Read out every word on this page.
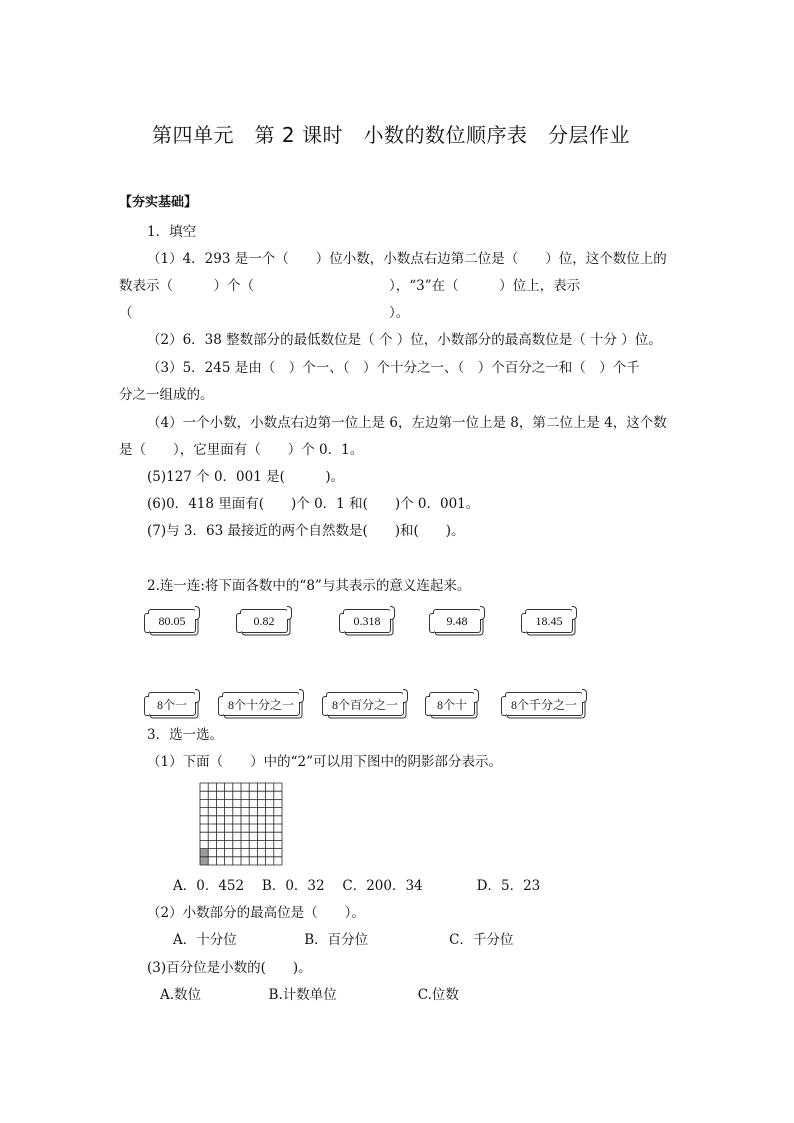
第四单元　第 2 课时　小数的数位顺序表　分层作业
【夯实基础】
1．填空
（1）4．293 是一个（　　）位小数，小数点右边第二位是（　　）位，这个数位上的
数表示（　　　）个（　　　　　　　　　　），“3”在（　　　）位上，表示
（　　　　　　　　　　　　　　　　　　　）。
（2）6．38 整数部分的最低数位是（ 个 ）位，小数部分的最高数位是（ 十分 ）位。
（3）5．245 是由（　）个一、（　）个十分之一、（　）个百分之一和（　）个千
分之一组成的。
（4）一个小数，小数点右边第一位上是 6，左边第一位上是 8，第二位上是 4，这个数
是（　　），它里面有（　　）个 0．1。
(5)127 个 0．001 是(　　　)。
(6)0．418 里面有(　　)个 0．1 和(　　)个 0．001。
(7)与 3．63 最接近的两个自然数是(　　)和(　　)。
2.连一连:将下面各数中的“8”与其表示的意义连起来。
80.05	0.82	0.318	9.48	18.45
8个一	8个十分之一	8个百分之一	8个十	8个千分之一
3．选一选。
（1）下面（　　）中的“2”可以用下图中的阴影部分表示。
A．0．452　 B．0．32　 C．200．34　　　　D．5．23
（2）小数部分的最高位是（　　）。
A．十分位　　　　　B．百分位　　　　　　C．千分位
(3)百分位是小数的(　　)。
A.数位　　　　　B.计数单位　　　　　　C.位数
